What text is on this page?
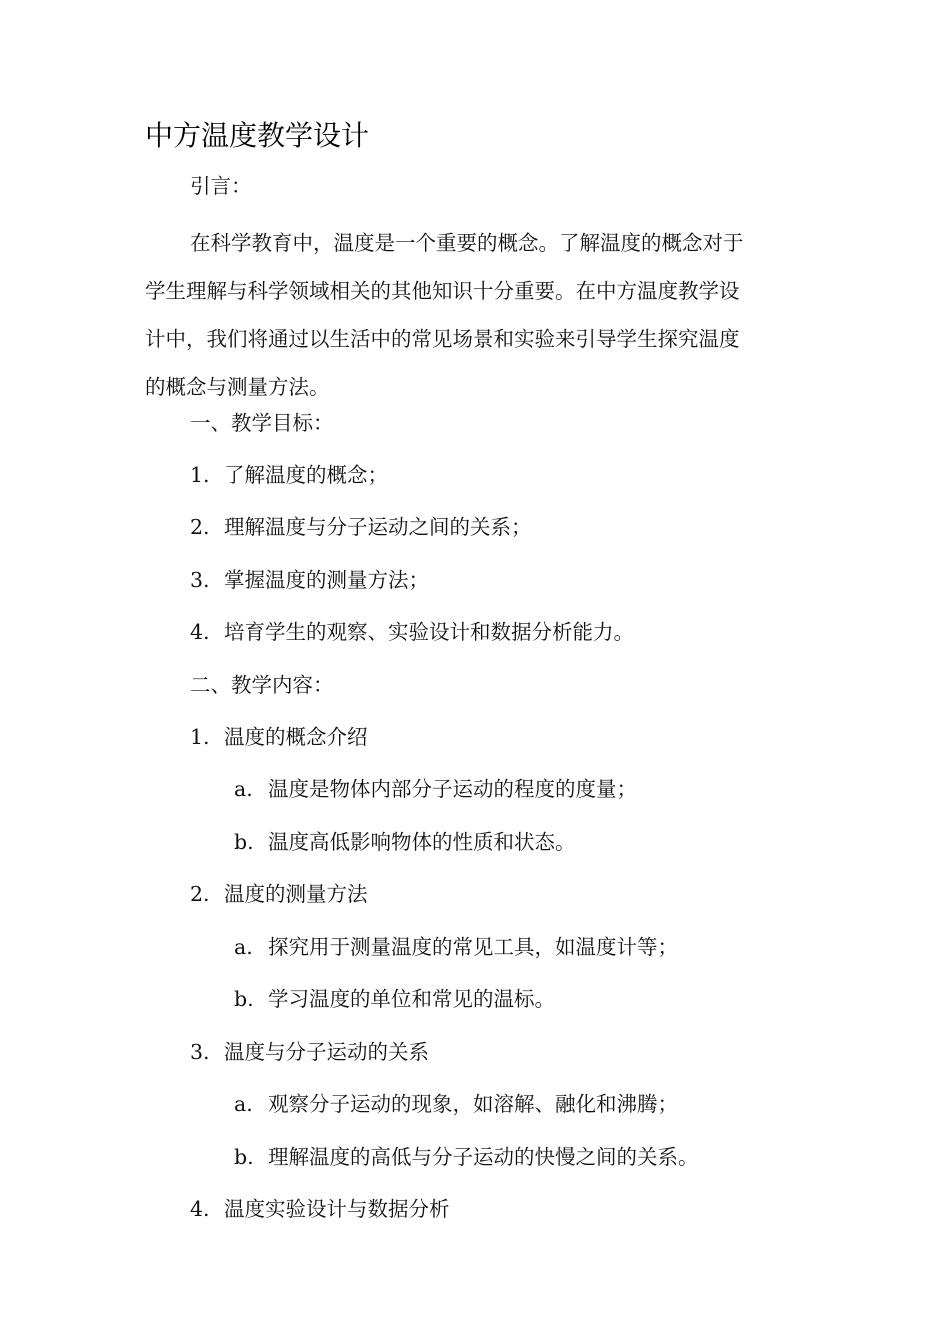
中方温度教学设计
引言：
在科学教育中，温度是一个重要的概念。了解温度的概念对于
学生理解与科学领域相关的其他知识十分重要。在中方温度教学设
计中，我们将通过以生活中的常见场景和实验来引导学生探究温度
的概念与测量方法。
一、教学目标：
1. 了解温度的概念；
2. 理解温度与分子运动之间的关系；
3. 掌握温度的测量方法；
4. 培育学生的观察、实验设计和数据分析能力。
二、教学内容：
1. 温度的概念介绍
a. 温度是物体内部分子运动的程度的度量；
b. 温度高低影响物体的性质和状态。
2. 温度的测量方法
a. 探究用于测量温度的常见工具，如温度计等；
b. 学习温度的单位和常见的温标。
3. 温度与分子运动的关系
a. 观察分子运动的现象，如溶解、融化和沸腾；
b. 理解温度的高低与分子运动的快慢之间的关系。
4. 温度实验设计与数据分析
